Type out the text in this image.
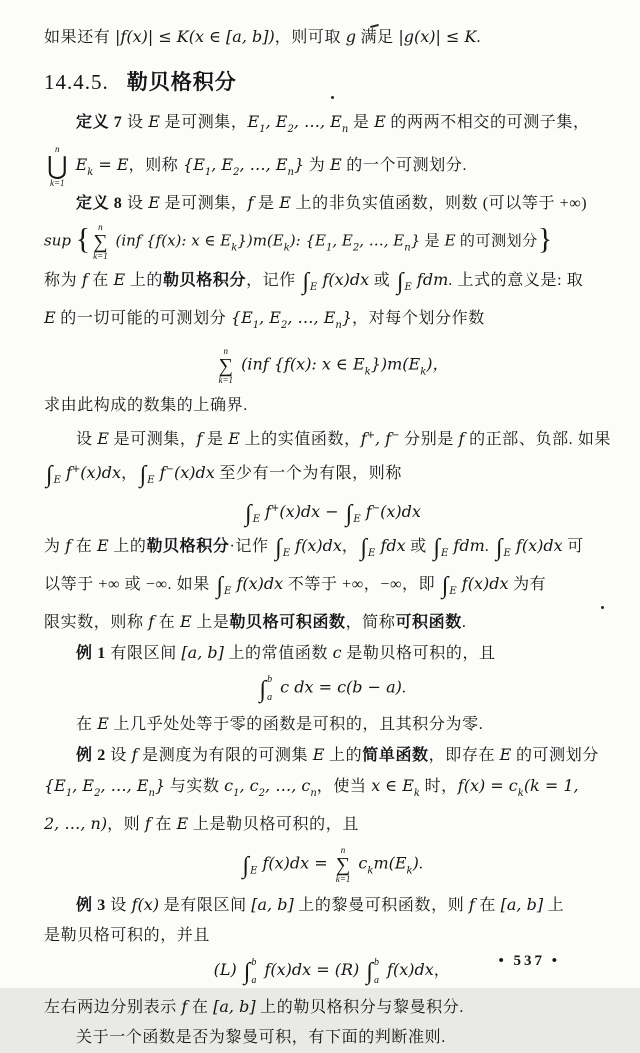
如果还有 |f(x)| ≤ K(x ∈ [a, b])，则可取 g 满足 |g(x)| ≤ K.
14.4.5. 勒贝格积分
定义 7 设 E 是可测集，$E_1$, $E_2$, …, $E_n$ 是 E 的两两不相交的可测子集，
n
⋃
k=1
$E_k = E$，则称 {$E_1$, $E_2$, …, $E_n$} 为 E 的一个可测划分.
定义 8 设 E 是可测集，f 是 E 上的非负实值函数，则数 (可以等于 +∞)
sup { n
∑
k=1
(inf {f(x): x ∈ $E_k\})m(E_k)$: {$E_1$, $E_2$, …, $E_n$} 是 E 的可测划分}
称为 f 在 E 上的勒贝格积分，记作 $\int_E$ f(x)dx 或 $\int_E$ fdm. 上式的意义是: 取
E 的一切可能的可测划分 {$E_1$, $E_2$, …, $E_n$}，对每个划分作数
n
∑
k=1
(inf {f(x): x ∈ $E_k\})m(E_k)$，
求由此构成的数集的上确界.
设 E 是可测集，f 是 E 上的实值函数，f+, f− 分别是 f 的正部、负部. 如果
$\int_E$ f+(x)dx，$\int_E$ f−(x)dx 至少有一个为有限，则称
$\int_E$ $f^+(x)dx - \int_E$ f−(x)dx
为 f 在 E 上的勒贝格积分·记作 $\int_E$ f(x)dx，$\int_E$ fdx 或 $\int_E$ fdm. $\int_E$ f(x)dx 可
以等于 +∞ 或 −∞. 如果 $\int_E$ f(x)dx 不等于 +∞，−∞，即 $\int_E$ f(x)dx 为有
限实数，则称 f 在 E 上是勒贝格可积函数，简称可积函数.
例 1 有限区间 [a, b] 上的常值函数 c 是勒贝格可积的，且
∫ b
a
c dx = c(b − a).
在 E 上几乎处处等于零的函数是可积的，且其积分为零.
例 2 设 f 是测度为有限的可测集 E 上的简单函数，即存在 E 的可测划分
{$E_1$, $E_2$, …, $E_n$} 与实数 $c_1$, $c_2$, …, $c_n$，使当 x ∈ $E_k$ 时，$f(x) = c_k(k = 1$,
2, …, n)，则 f 在 E 上是勒贝格可积的，且
$\int_E$ f(x)dx =
n
∑
k=1
$c_km(E_k)$.
例 3 设 f(x) 是有限区间 [a, b] 上的黎曼可积函数，则 f 在 [a, b] 上
是勒贝格可积的，并且
(L) ∫ b
a
f(x)dx = (R) ∫ b
a
f(x)dx，
左右两边分别表示 f 在 [a, b] 上的勒贝格积分与黎曼积分.
关于一个函数是否为黎曼可积，有下面的判断准则.
• 537 •
